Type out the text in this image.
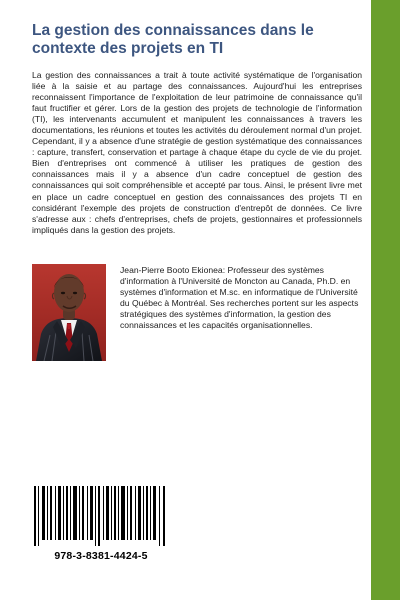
La gestion des connaissances dans le
contexte des projets en TI

La gestion des connaissances a trait à toute activité systématique de l'organisation liée à la saisie et au partage des connaissances. Aujourd'hui les entreprises reconnaissent l'importance de l'exploitation de leur patrimoine de connaissance qu'il faut fructifier et gérer. Lors de la gestion des projets de technologie de l'information (TI), les intervenants accumulent et manipulent les connaissances à travers les documentations, les réunions et toutes les activités du déroulement normal d'un projet. Cependant, il y a absence d'une stratégie de gestion systématique des connaissances : capture, transfert, conservation et partage à chaque étape du cycle de vie du projet. Bien d'entreprises ont commencé à utiliser les pratiques de gestion des connaissances mais il y a absence d'un cadre conceptuel de gestion des connaissances qui soit compréhensible et accepté par tous. Ainsi, le présent livre met en place un cadre conceptuel en gestion des connaissances des projets TI en considérant l'exemple des projets de construction d'entrepôt de données. Ce livre s'adresse aux : chefs d'entreprises, chefs de projets, gestionnaires et professionnels impliqués dans la gestion des projets.

Jean-Pierre Booto Ekionea: Professeur des systèmes d'information à l'Université de Moncton au Canada, Ph.D. en systèmes d'information et M.sc. en informatique de l'Université du Québec à Montréal. Ses recherches portent sur les aspects stratégiques des systèmes d'information, la gestion des connaissances et les capacités organisationnelles.

978-3-8381-4424-5
